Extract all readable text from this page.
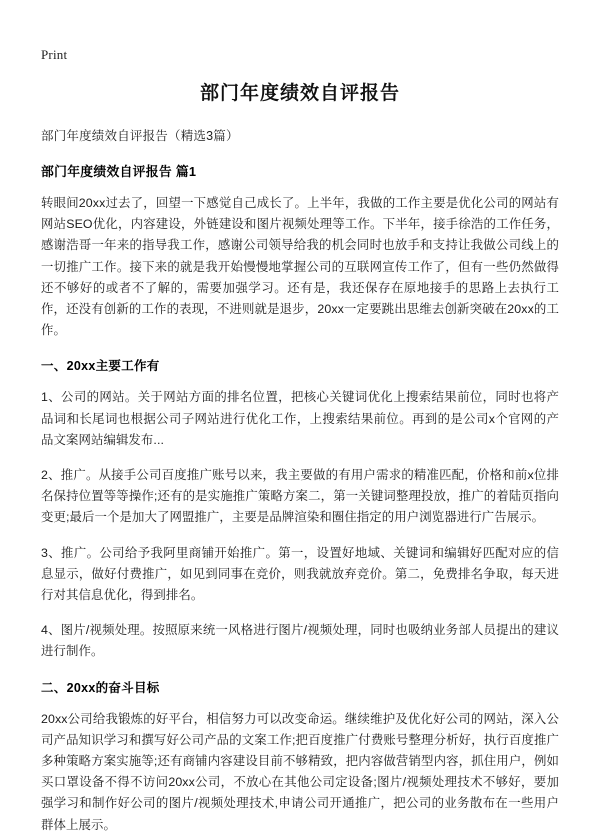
Print
部门年度绩效自评报告

部门年度绩效自评报告（精选3篇）

部门年度绩效自评报告 篇1

转眼间20xx过去了，回望一下感觉自己成长了。上半年，我做的工作主要是优化公司的网站有网站SEO优化，内容建设，外链建设和图片视频处理等工作。下半年，接手徐浩的工作任务，感谢浩哥一年来的指导我工作，感谢公司领导给我的机会同时也放手和支持让我做公司线上的一切推广工作。接下来的就是我开始慢慢地掌握公司的互联网宣传工作了，但有一些仍然做得还不够好的或者不了解的，需要加强学习。还有是，我还保存在原地接手的思路上去执行工作，还没有创新的工作的表现，不进则就是退步，20xx一定要跳出思维去创新突破在20xx的工作。

一、20xx主要工作有

1、公司的网站。关于网站方面的排名位置，把核心关键词优化上搜索结果前位，同时也将产品词和长尾词也根据公司子网站进行优化工作，上搜索结果前位。再到的是公司x个官网的产品文案网站编辑发布...

2、推广。从接手公司百度推广账号以来，我主要做的有用户需求的精准匹配，价格和前x位排名保持位置等等操作;还有的是实施推广策略方案二，第一关键词整理投放，推广的着陆页指向变更;最后一个是加大了网盟推广，主要是品牌渲染和圈住指定的用户浏览器进行广告展示。

3、推广。公司给予我阿里商铺开始推广。第一，设置好地域、关键词和编辑好匹配对应的信息显示，做好付费推广，如见到同事在竞价，则我就放弃竞价。第二，免费排名争取，每天进行对其信息优化，得到排名。

4、图片/视频处理。按照原来统一风格进行图片/视频处理，同时也吸纳业务部人员提出的建议进行制作。

二、20xx的奋斗目标

20xx公司给我锻炼的好平台，相信努力可以改变命运。继续维护及优化好公司的网站，深入公司产品知识学习和撰写好公司产品的文案工作;把百度推广付费账号整理分析好，执行百度推广多种策略方案实施等;还有商铺内容建设目前不够精致，把内容做营销型内容，抓住用户，例如买口罩设备不得不访问20xx公司，不放心在其他公司定设备;图片/视频处理技术不够好，要加强学习和制作好公司的图片/视频处理技术,申请公司开通推广，把公司的业务散布在一些用户群体上展示。
